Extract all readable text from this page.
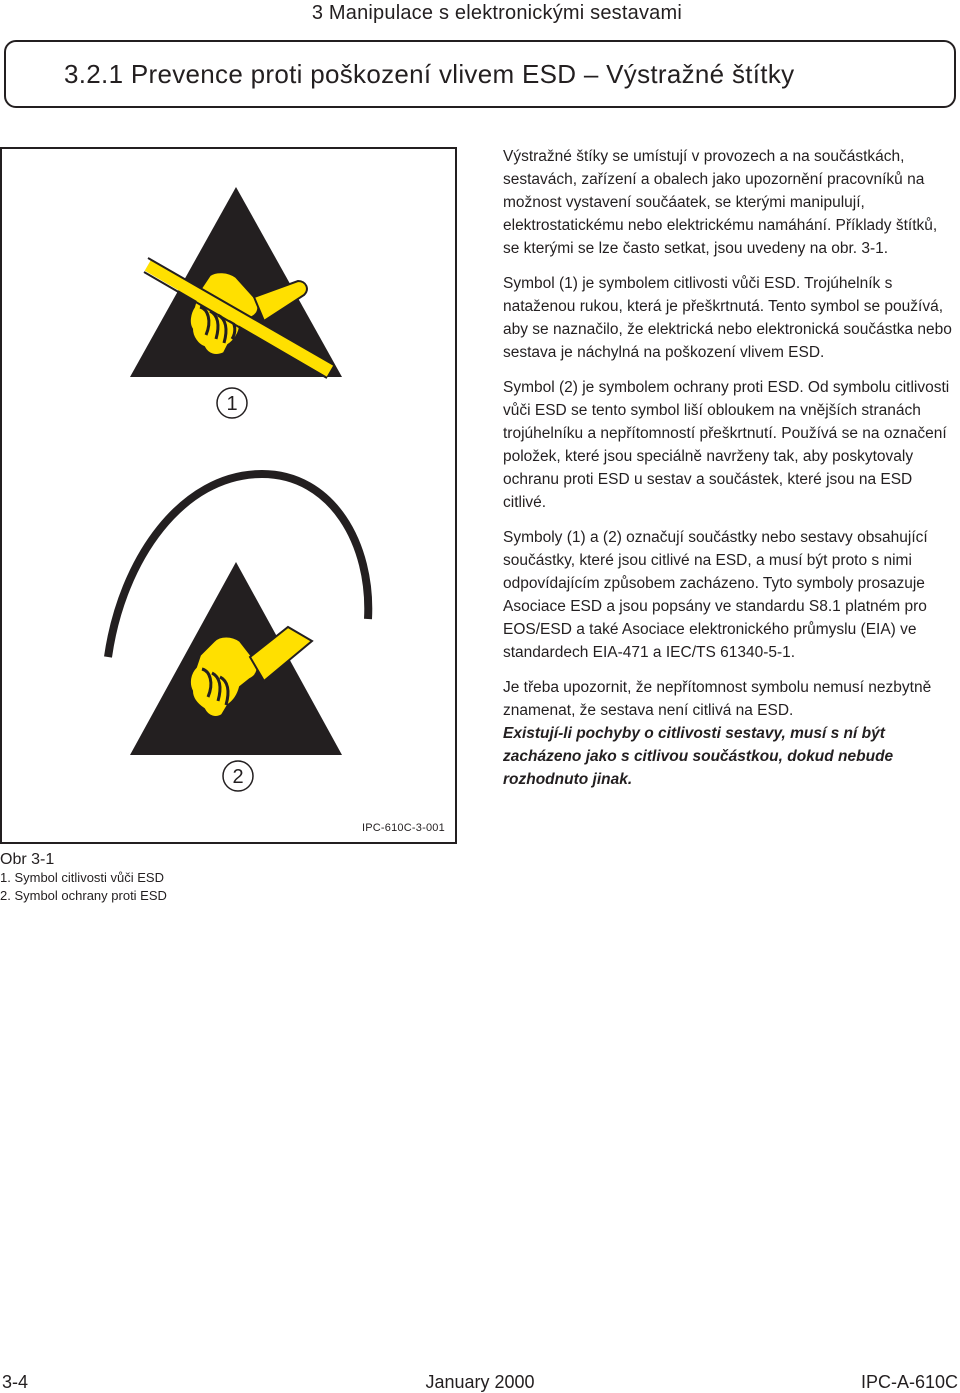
3 Manipulace s elektronickými sestavami
3.2.1 Prevence proti poškození vlivem ESD – Výstražné štítky
1
2
IPC-610C-3-001
Obr 3-1
1. Symbol citlivosti vůči ESD
2. Symbol ochrany proti ESD

Výstražné štíky se umístují v provozech a na součástkách, sestavách, zařízení a obalech jako upozornění pracovníků na možnost vystavení součáatek, se kterými manipulují, elektrostatickému nebo elektrickému namáhání. Příklady štítků, se kterými se lze často setkat, jsou uvedeny na obr. 3-1.

Symbol (1) je symbolem citlivosti vůči ESD. Trojúhelník s nataženou rukou, která je přeškrtnutá. Tento symbol se používá, aby se naznačilo, že elektrická nebo elektronická součástka nebo sestava je náchylná na poškození vlivem ESD.

Symbol (2) je symbolem ochrany proti ESD. Od symbolu citlivosti vůči ESD se tento symbol liší obloukem na vnějších stranách trojúhelníku a nepřítomností přeškrtnutí. Používá se na označení položek, které jsou speciálně navrženy tak, aby poskytovaly ochranu proti ESD u sestav a součástek, které jsou na ESD citlivé.

Symboly (1) a (2) označují součástky nebo sestavy obsahující součástky, které jsou citlivé na ESD, a musí být proto s nimi odpovídajícím způsobem zacházeno. Tyto symboly prosazuje Asociace ESD a jsou popsány ve standardu S8.1 platném pro EOS/ESD a také Asociace elektronického průmyslu (EIA) ve standardech EIA-471 a IEC/TS 61340-5-1.

Je třeba upozornit, že nepřítomnost symbolu nemusí nezbytně znamenat, že sestava není citlivá na ESD.

Existují-li pochyby o citlivosti sestavy, musí s ní být zacházeno jako s citlivou součástkou, dokud nebude rozhodnuto jinak.

3-4	January 2000	IPC-A-610C
